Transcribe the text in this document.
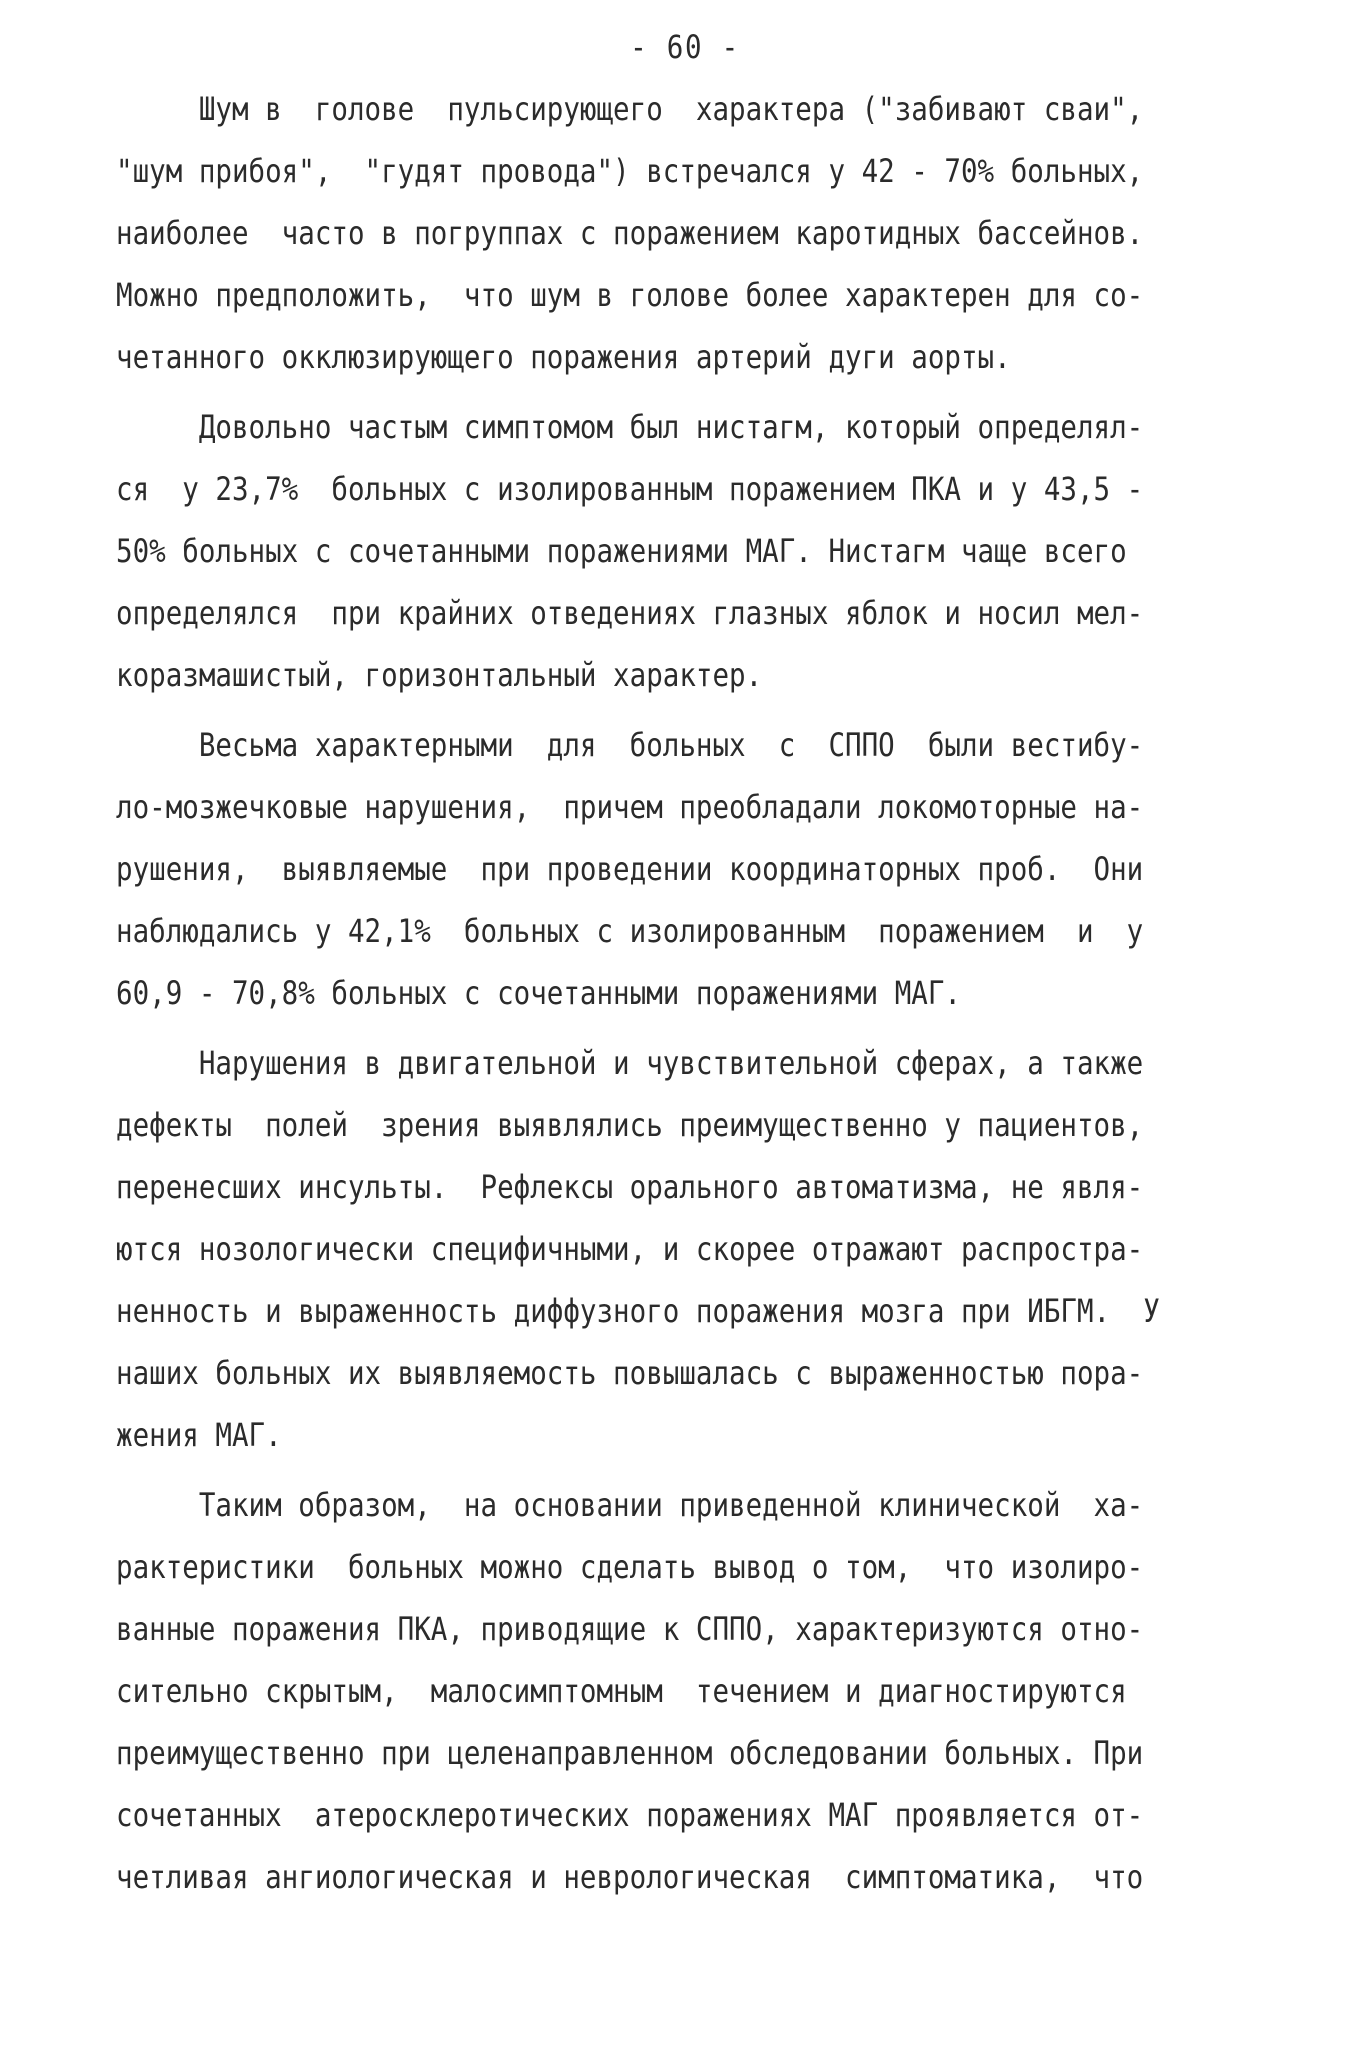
- 60 -
Шум в  голове  пульсирующего  характера ("забивают сваи",
"шум прибоя",  "гудят провода") встречался у 42 - 70% больных,
наиболее  часто в погруппах с поражением каротидных бассейнов.
Можно предположить,  что шум в голове более характерен для со-
четанного окклюзирующего поражения артерий дуги аорты.
Довольно частым симптомом был нистагм, который определял-
ся  у 23,7%  больных с изолированным поражением ПКА и у 43,5 -
50% больных с сочетанными поражениями МАГ. Нистагм чаще всего
определялся  при крайних отведениях глазных яблок и носил мел-
коразмашистый, горизонтальный характер.
Весьма характерными  для  больных  с  СППО  были вестибу-
ло-мозжечковые нарушения,  причем преобладали локомоторные на-
рушения,  выявляемые  при проведении координаторных проб.  Они
наблюдались у 42,1%  больных с изолированным  поражением  и  у
60,9 - 70,8% больных с сочетанными поражениями МАГ.
Нарушения в двигательной и чувствительной сферах, а также
дефекты  полей  зрения выявлялись преимущественно у пациентов,
перенесших инсульты.  Рефлексы орального автоматизма, не явля-
ются нозологически специфичными, и скорее отражают распростра-
ненность и выраженность диффузного поражения мозга при ИБГМ.  У
наших больных их выявляемость повышалась с выраженностью пора-
жения МАГ.
Таким образом,  на основании приведенной клинической  ха-
рактеристики  больных можно сделать вывод о том,  что изолиро-
ванные поражения ПКА, приводящие к СППО, характеризуются отно-
сительно скрытым,  малосимптомным  течением и диагностируются
преимущественно при целенаправленном обследовании больных. При
сочетанных  атеросклеротических поражениях МАГ проявляется от-
четливая ангиологическая и неврологическая  симптоматика,  что
